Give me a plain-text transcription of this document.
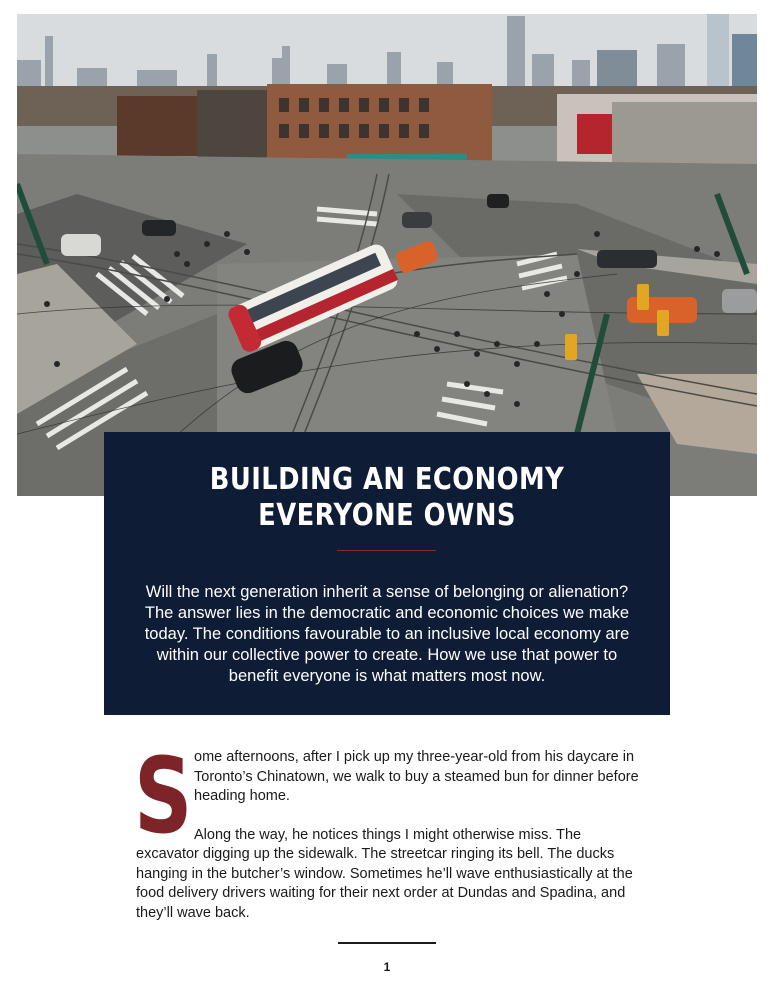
BUILDING AN ECONOMY
EVERYONE OWNS

Will the next generation inherit a sense of belonging or alienation? The answer lies in the democratic and economic choices we make today. The conditions favourable to an inclusive local economy are within our collective power to create. How we use that power to benefit everyone is what matters most now.

S ome afternoons, after I pick up my three-year-old from his daycare in Toronto’s Chinatown, we walk to buy a steamed bun for dinner before heading home.

Along the way, he notices things I might otherwise miss. The excavator digging up the sidewalk. The streetcar ringing its bell. The ducks hanging in the butcher’s window. Sometimes he’ll wave enthusiastically at the food delivery drivers waiting for their next order at Dundas and Spadina, and they’ll wave back.

1
